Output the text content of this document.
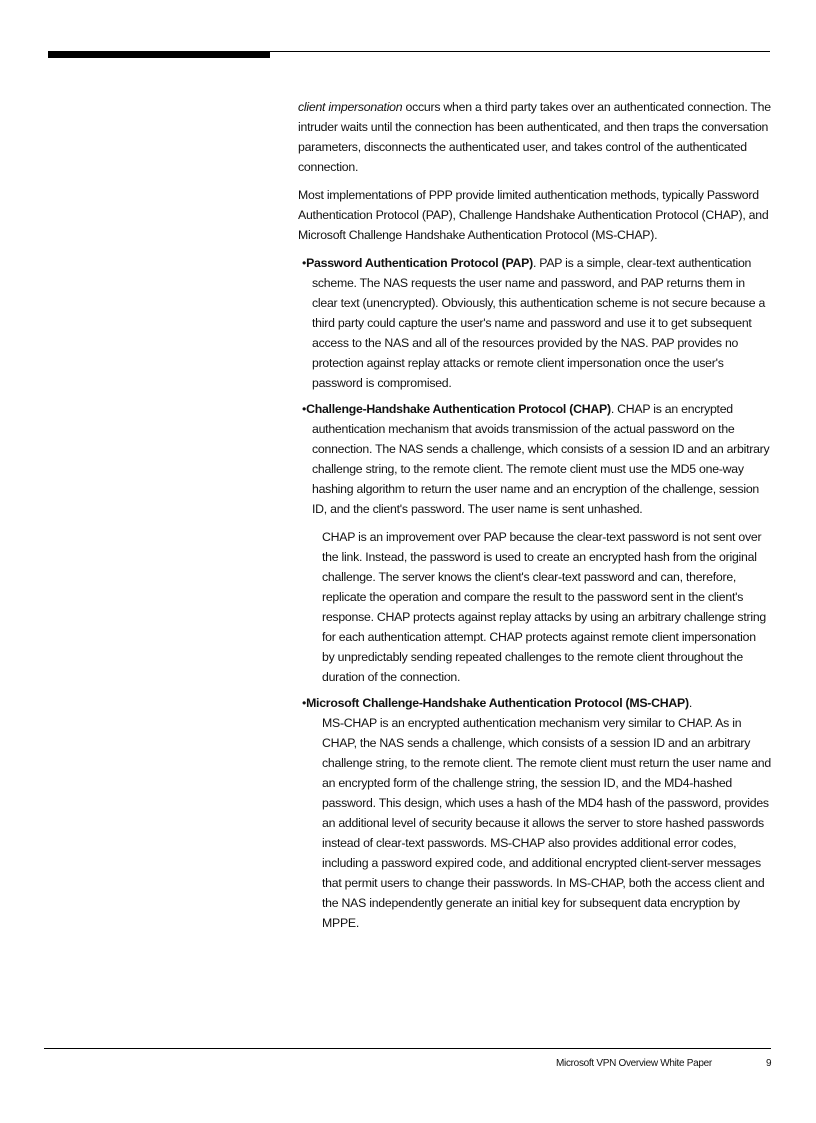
client impersonation occurs when a third party takes over an authenticated connection. The intruder waits until the connection has been authenticated, and then traps the conversation parameters, disconnects the authenticated user, and takes control of the authenticated connection.

Most implementations of PPP provide limited authentication methods, typically Password Authentication Protocol (PAP), Challenge Handshake Authentication Protocol (CHAP), and Microsoft Challenge Handshake Authentication Protocol (MS-CHAP).

•Password Authentication Protocol (PAP). PAP is a simple, clear-text authentication scheme. The NAS requests the user name and password, and PAP returns them in clear text (unencrypted). Obviously, this authentication scheme is not secure because a third party could capture the user's name and password and use it to get subsequent access to the NAS and all of the resources provided by the NAS. PAP provides no protection against replay attacks or remote client impersonation once the user's password is compromised.
•Challenge-Handshake Authentication Protocol (CHAP). CHAP is an encrypted authentication mechanism that avoids transmission of the actual password on the connection. The NAS sends a challenge, which consists of a session ID and an arbitrary challenge string, to the remote client. The remote client must use the MD5 one-way hashing algorithm to return the user name and an encryption of the challenge, session ID, and the client's password. The user name is sent unhashed.
CHAP is an improvement over PAP because the clear-text password is not sent over the link. Instead, the password is used to create an encrypted hash from the original challenge. The server knows the client's clear-text password and can, therefore, replicate the operation and compare the result to the password sent in the client's response. CHAP protects against replay attacks by using an arbitrary challenge string for each authentication attempt. CHAP protects against remote client impersonation by unpredictably sending repeated challenges to the remote client throughout the duration of the connection.
•Microsoft Challenge-Handshake Authentication Protocol (MS-CHAP).
MS-CHAP is an encrypted authentication mechanism very similar to CHAP. As in CHAP, the NAS sends a challenge, which consists of a session ID and an arbitrary challenge string, to the remote client. The remote client must return the user name and an encrypted form of the challenge string, the session ID, and the MD4-hashed password. This design, which uses a hash of the MD4 hash of the password, provides an additional level of security because it allows the server to store hashed passwords instead of clear-text passwords. MS-CHAP also provides additional error codes, including a password expired code, and additional encrypted client-server messages that permit users to change their passwords. In MS-CHAP, both the access client and the NAS independently generate an initial key for subsequent data encryption by MPPE.
Microsoft VPN Overview White Paper	9
